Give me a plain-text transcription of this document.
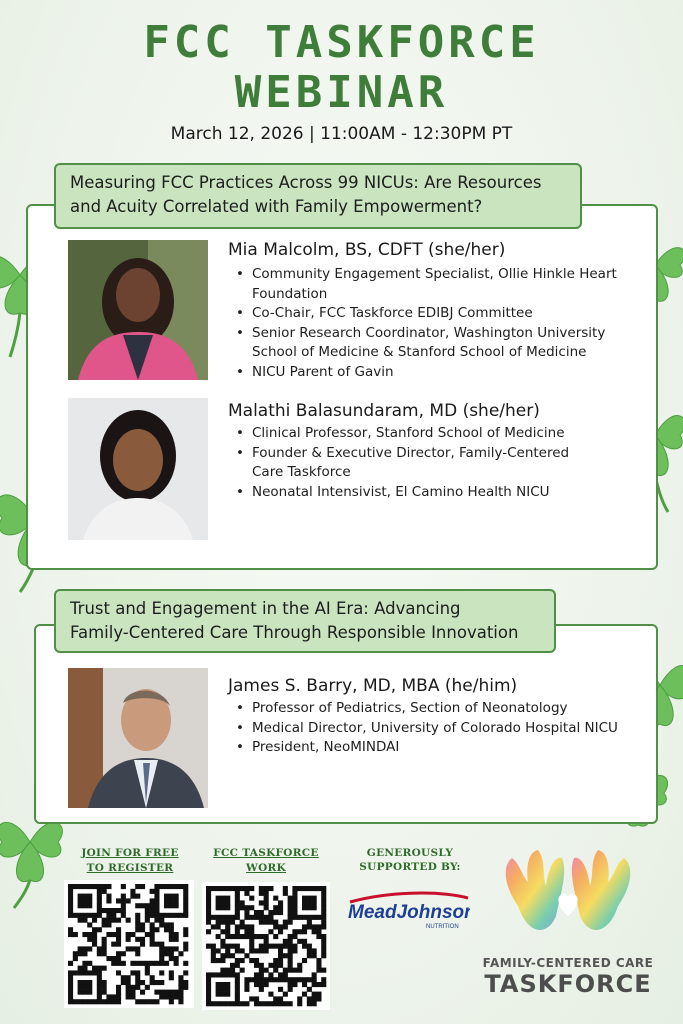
FCC TASKFORCE
WEBINAR
March 12, 2026 | 11:00AM - 12:30PM PT
Measuring FCC Practices Across 99 NICUs: Are Resources
and Acuity Correlated with Family Empowerment?
Mia Malcolm, BS, CDFT (she/her)
• Community Engagement Specialist, Ollie Hinkle Heart Foundation
• Co-Chair, FCC Taskforce EDIBJ Committee
• Senior Research Coordinator, Washington University School of Medicine & Stanford School of Medicine
• NICU Parent of Gavin
Malathi Balasundaram, MD (she/her)
• Clinical Professor, Stanford School of Medicine
• Founder & Executive Director, Family-Centered Care Taskforce
• Neonatal Intensivist, El Camino Health NICU
Trust and Engagement in the AI Era: Advancing
Family-Centered Care Through Responsible Innovation
James S. Barry, MD, MBA (he/him)
• Professor of Pediatrics, Section of Neonatology
• Medical Director, University of Colorado Hospital NICU
• President, NeoMINDAI
JOIN FOR FREE
TO REGISTER
FCC TASKFORCE
WORK
GENEROUSLY
SUPPORTED BY:
MeadJohnson
NUTRITION
FAMILY-CENTERED CARE
TASKFORCE
